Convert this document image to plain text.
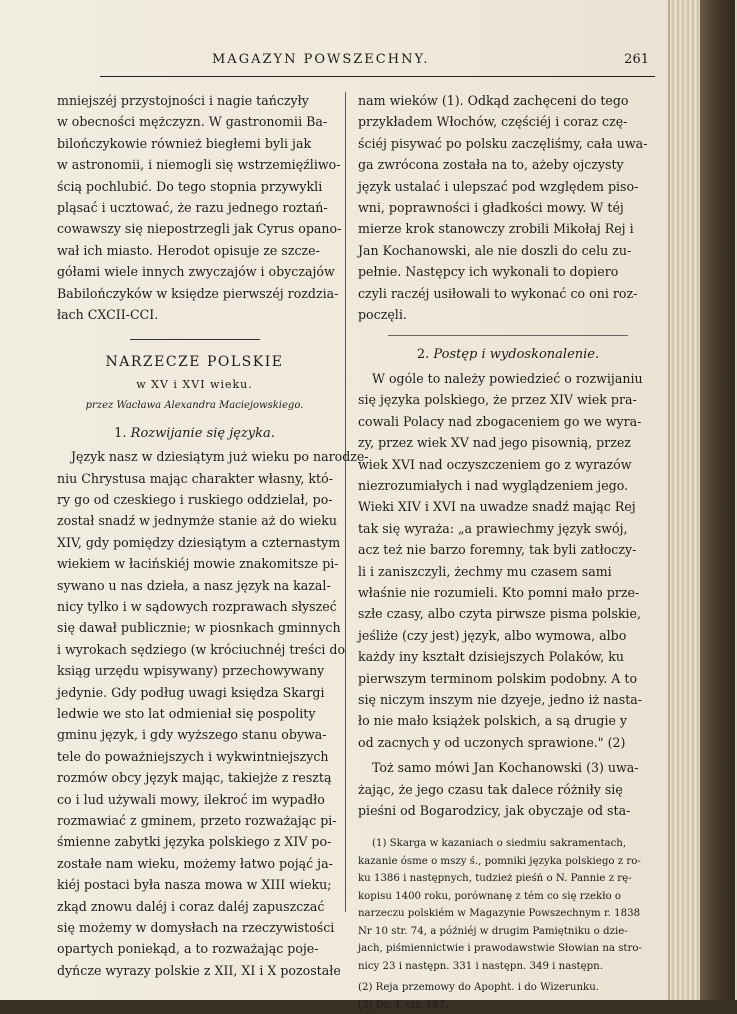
MAGAZYN POWSZECHNY.	261
mniejszéj przystojności i nagie tańczyły
w obecności mężczyzn. W gastronomii Ba-
bilończykowie również biegłemi byli jak
w astronomii, i niemogli się wstrzemięźliwo-
ścią pochlubić. Do tego stopnia przywykli
pląsać i ucztować, że razu jednego roztań-
cowawszy się niepostrzegli jak Cyrus opano-
wał ich miasto. Herodot opisuje ze szcze-
gółami wiele innych zwyczajów i obyczajów
Babilończyków w księdze pierwszéj rozdzia-
łach CXCII-CCI.
NARZECZE POLSKIE
w XV i XVI wieku.
przez Wacława Alexandra Maciejowskiego.
1. Rozwijanie się języka.
Język nasz w dziesiątym już wieku po narodze-
niu Chrystusa mając charakter własny, któ-
ry go od czeskiego i ruskiego oddzielał, po-
został snadź w jednymże stanie aż do wieku
XIV, gdy pomiędzy dziesiątym a czternastym
wiekiem w łacińskiéj mowie znakomitsze pi-
sywano u nas dzieła, a nasz język na kazal-
nicy tylko i w sądowych rozprawach słyszeć
się dawał publicznie; w piosnkach gminnych
i wyrokach sędziego (w króciuchnéj treści do
ksiąg urzędu wpisywany) przechowywany
jedynie. Gdy podług uwagi księdza Skargi
ledwie we sto lat odmieniał się pospolity
gminu język, i gdy wyższego stanu obywa-
tele do poważniejszych i wykwintniejszych
rozmów obcy język mając, takiejże z resztą
co i lud używali mowy, ilekroć im wypadło
rozmawiać z gminem, przeto rozważając pi-
śmienne zabytki języka polskiego z XIV po-
zostałe nam wieku, możemy łatwo pojąć ja-
kiéj postaci była nasza mowa w XIII wieku;
zkąd znowu daléj i coraz daléj zapuszczać
się możemy w domysłach na rzeczywistości
opartych poniekąd, a to rozważając poje-
dyńcze wyrazy polskie z XII, XI i X pozostałe
nam wieków (1). Odkąd zachęceni do tego
przykładem Włochów, częściéj i coraz czę-
ściéj pisywać po polsku zaczęliśmy, cała uwa-
ga zwrócona została na to, ażeby ojczysty
język ustalać i ulepszać pod względem piso-
wni, poprawności i gładkości mowy. W téj
mierze krok stanowczy zrobili Mikołaj Rej i
Jan Kochanowski, ale nie doszli do celu zu-
pełnie. Następcy ich wykonali to dopiero
czyli raczéj usiłowali to wykonać co oni roz-
poczęli.
2. Postęp i wydoskonalenie.
W ogóle to należy powiedzieć o rozwijaniu
się języka polskiego, że przez XIV wiek pra-
cowali Polacy nad zbogaceniem go we wyra-
zy, przez wiek XV nad jego pisownią, przez
wiek XVI nad oczyszczeniem go z wyrazów
niezrozumiałych i nad wyglądzeniem jego.
Wieki XIV i XVI na uwadze snadź mając Rej
tak się wyraża: „a prawiechmy język swój,
acz też nie barzo foremny, tak byli zatłoczy-
li i zaniszczyli, żechmy mu czasem sami
właśnie nie rozumieli. Kto pomni mało prze-
szłe czasy, albo czyta pirwsze pisma polskie,
jeśliże (czy jest) język, albo wymowa, albo
każdy iny kształt dzisiejszych Polaków, ku
pierwszym terminom polskim podobny. A to
się niczym inszym nie dzyeje, jedno iż nasta-
ło nie mało książek polskich, a są drugie y
od zacnych y od uczonych sprawione." (2)
Toż samo mówi Jan Kochanowski (3) uwa-
żając, że jego czasu tak dalece różniły się
pieśni od Bogarodzicy, jak obyczaje od sta-
(1) Skarga w kazaniach o siedmiu sakramentach,
kazanie ósme o mszy ś., pomniki języka polskiego z ro-
ku 1386 i następnych, tudzież pieśń o N. Pannie z rę-
kopisu 1400 roku, porównanę z tém co się rzekło o
narzeczu polskiém w Magazynie Powszechnym r. 1838
Nr 10 str. 74, a późniéj w drugim Pamiętniku o dzie-
jach, piśmiennictwie i prawodawstwie Słowian na stro-
nicy 23 i następn. 331 i następn. 349 i następn.
(2) Reja przemowy do Apopht. i do Wizerunku.
(3) Dz. I. str. 187.
